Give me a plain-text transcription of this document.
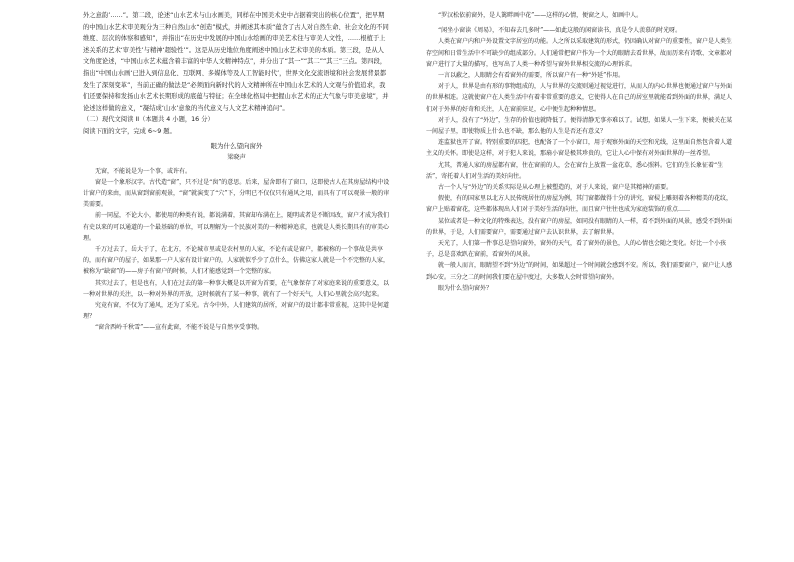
外之意韵’……”。第二段，论述“山水艺术与山水画美，同样在中国美术史中占据着突出的核心位置”，把早期的中国山水艺术审美观分为三种自然山水“创造”模式，并阐述其本质“蕴含了古人对自然生命、社会文化的不同维度、层次的体察和感知”，并指出“在历史中发展的中国山水绘画的审美艺术往与审美人文性，……根植于上述关系的艺术‘审美性’与精神‘超验性’”。这是从历史地位角度阐述中国山水艺术审美的本质。第三段，是从人文角度论述，“中国山水艺术蕴含着丰富的中华人文精神特点”，并分出了“其一”“其二”“其三”三点。第四段，指出“中国山水画‘已进入到信息化、互联网、多媒体等及人工智能时代’，世界文化交流语境和社会发展背景都发生了深刻变革”，当前正确的做法是“必须面向新时代的人文精神所在中国山水艺术的人文观与价值追求，我们还要保持和发扬山水艺术长期形成的底蕴与特征；在全球化格局中把握山水艺术的正大气象与审美意境”，并论述这样做的意义，“凝结成‘山水’意象的当代意义与人文艺术精神追问”。

（二）现代文阅读 II（本题共 4 小题，16 分）

阅读下面的文字，完成 6~9 题。

眼为什么望向窗外

梁晓声

无窗，不能说是为一个事，或许有。

窗是一个象形汉字。古代造“窗”，只不过是“囱”的意思。后来，屋舍即有了窗口，这即使古人在其房屋结构中设计窗户的来由，而从窗到窗前观景，“窗”就演变了“穴”下，分明已不仅仅只有通风之用，而具有了可以观景一般的审美需要。

前一同屋，不论大小，都使用的种类有说，都说满着，其窗却布满在上，随明或者是不断因改，窗户才成为我们有史以来的可以通道的一个最基础的单位，可以理解为一个民族对美的一种精神追求，也就是人类长期具有的审美心理。

千万过去了，岳大于了，在北方，不论城市里或是农村里的人家，不论有或是窗户，都被称的一个事故是共享的，而有窗户的屋子，如果那一户人家有设计窗户的，人家就似乎少了点什么，仿佛这家人就是一个不完整的人家，被称为“缺窗”的——房子有窗户的时候，人们才能感觉到一个完整的家。

其实过去了，但是也有，人们在过去的第一种事大概是以开窗为首要，在气象保存了对家庭来说的重要意义，以一种对世界的关注，以一种对外界的开放，这时候就有了某一种事，就有了一个好天气，人们心里就会高兴起来。

究竟有窗，不仅为了通风，还为了采光。古今中外，人们建筑的居所，对窗户的设计都非常重视，这其中是何道理？

“窗含西岭千秋雪”——宣有此窗，不能不说是与自然享受事物。

“罗汉松依前窗外，是人篱畔画中花”——这样的心情，便窗之人，如画中人。

“闲坐小窗读《周易》，不知春去几多时”——如此这般的闲窗读书，真是令人羡慕的时光呀。

人类在窗户内和户外设置文字居室的功能。人之所以采取建筑的形式，仍因确认对窗户的重要性，窗户是人类生存空间和日常生活中不可缺少的组成部分。人们通常把窗户作为一个大的眼睛去看世界，故而历来有诗歌、文章都对窗户进行了大量的描写，也写出了人类一种希望与窗外世界相交流的心理诉求。

一言以蔽之，人眼睛会有看窗外的需要，所以窗户有一种“外延”作用。

对于人，世界是由有形的事物组成的，人与世界的交流则通过视觉进行，从而人的内心世界也便通过窗户与外面的世界相连。这就使窗户在人类生活中有着非常重要的意义，它使得人在自己的居室里就能看到外面的世界，满足人们对于外界的好奇和关注，人在窗前驻足，心中便生起种种情思。

对于人，没有了“外边”，生存的价值也就降低了。便得清静无事亦难以了。试想，如果人一生下来，便被关在某一间屋子里，即使物质上什么也不缺，那么他的人生是否还有意义？

连监狱也开了窗。特别重要的囚犯，也配备了一个小窗口，用于观察外面的天空和光线，这里面自然包含着人道主义的关怀。即使是这样，对于犯人来说，那扇小窗是极其珍贵的，它让人心中保有对外面世界的一丝希望。

尤其，普通人家的房屋都有窗，住在窗前的人，会在窗台上放置一盆花草，悉心照料。它们的生长象征着“生活”，寄托着人们对生活的美好向往。

古一个人与“外边”的关系实际是从心理上被塑造的，对于人来说，窗户是其精神的需要。

假使，有的国家里以北方人民传统居住的房屋为例，其门窗都做得十分的讲究，窗棂上雕刻着各种精美的花纹，窗户上贴着窗花，这些都体现出人们对于美好生活的向往，而且窗户往往也成为家庭装饰的重点……

某位或者是一种文化的特殊表达，没有窗户的房屋，如同没有眼睛的人一样，看不到外面的风景，感受不到外面的世界，于是，人们需要窗户，需要通过窗户去认识世界，去了解世界。

天光了，人们第一件事总是望向窗外，窗外的天气，看了窗外的景色，人的心情也会随之变化。好比一个小孩子，总是喜欢趴在窗前，看窗外的风景。

就一般人而言，眼睛望不到“外边”的时间，如果超过一个时间就会感到不安。所以，我们需要窗户，窗户让人感到心安。三分之二的时间我们要在屋中度过，大多数人会时常望向窗外。

眼为什么望向窗外？
